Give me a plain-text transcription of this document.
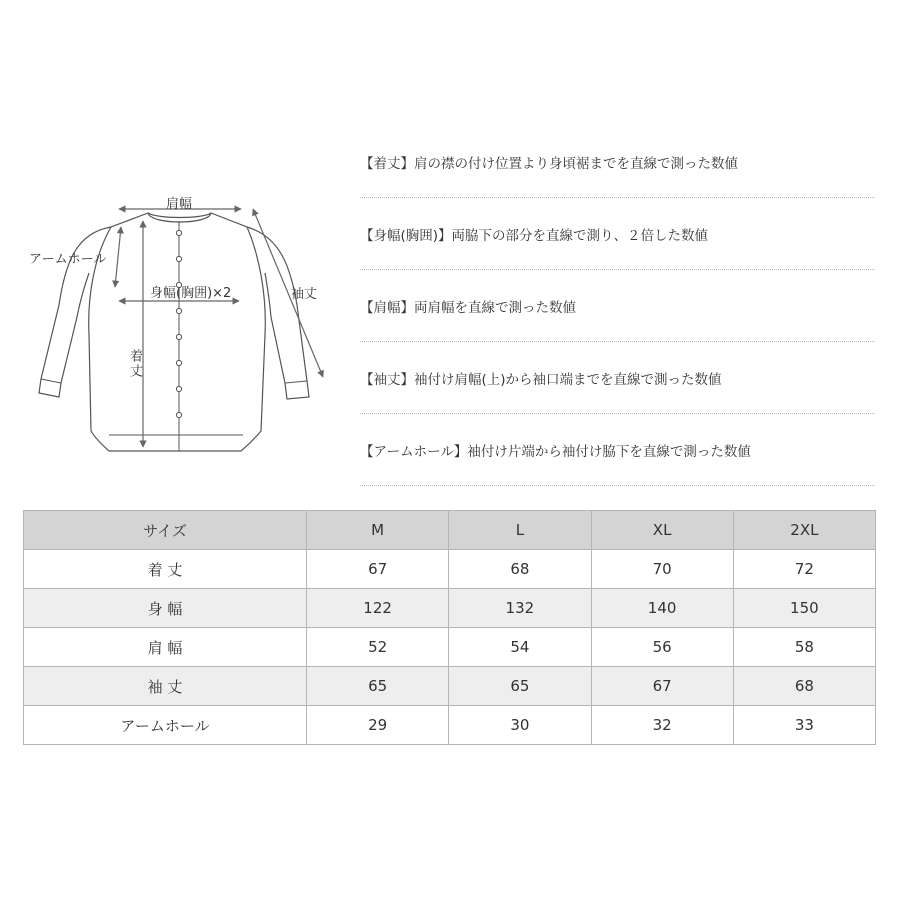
肩幅
アームホール
身幅(胸囲)×2
着丈
袖丈
【着丈】肩の襟の付け位置より身頃裾までを直線で測った数値
【身幅(胸囲)】両脇下の部分を直線で測り、２倍した数値
【肩幅】両肩幅を直線で測った数値
【袖丈】袖付け肩幅(上)から袖口端までを直線で測った数値
【アームホール】袖付け片端から袖付け脇下を直線で測った数値
サイズ	M	L	XL	2XL
着 丈	67	68	70	72
身 幅	122	132	140	150
肩 幅	52	54	56	58
袖 丈	65	65	67	68
アームホール	29	30	32	33
